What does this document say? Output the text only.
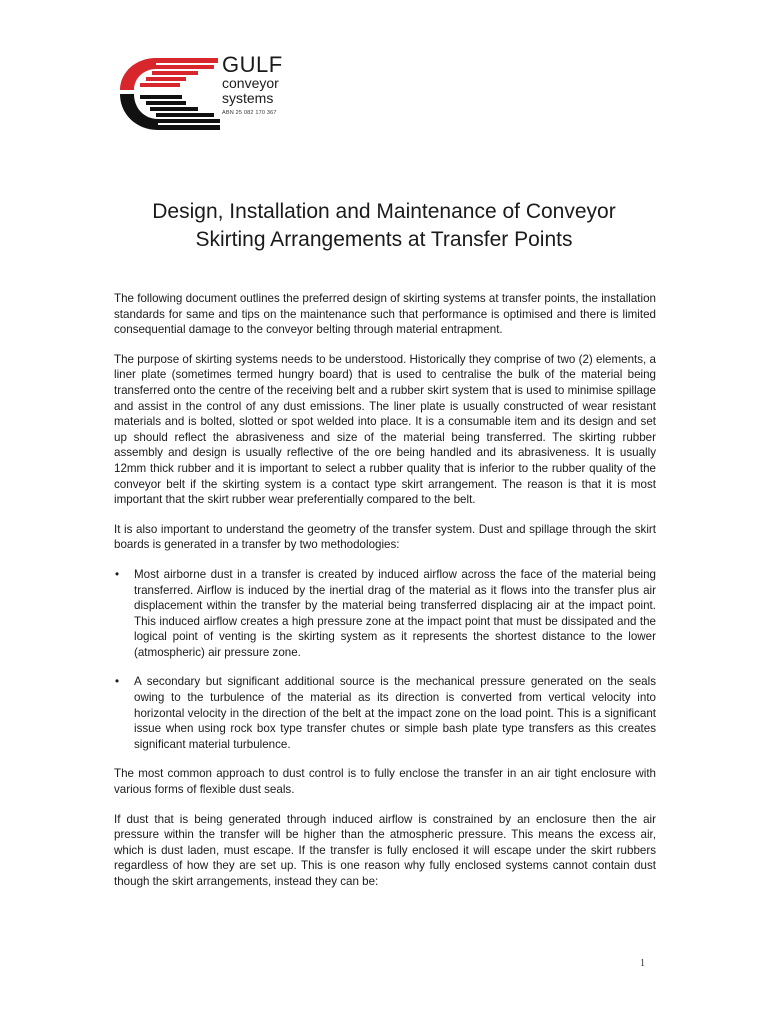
GULF
conveyor
systems
ABN 25 082 170 367
Design, Installation and Maintenance of Conveyor
Skirting Arrangements at Transfer Points

The following document outlines the preferred design of skirting systems at transfer points, the installation standards for same and tips on the maintenance such that performance is optimised and there is limited consequential damage to the conveyor belting through material entrapment.

The purpose of skirting systems needs to be understood. Historically they comprise of two (2) elements, a liner plate (sometimes termed hungry board) that is used to centralise the bulk of the material being transferred onto the centre of the receiving belt and a rubber skirt system that is used to minimise spillage and assist in the control of any dust emissions. The liner plate is usually constructed of wear resistant materials and is bolted, slotted or spot welded into place. It is a consumable item and its design and set up should reflect the abrasiveness and size of the material being transferred. The skirting rubber assembly and design is usually reflective of the ore being handled and its abrasiveness. It is usually 12mm thick rubber and it is important to select a rubber quality that is inferior to the rubber quality of the conveyor belt if the skirting system is a contact type skirt arrangement. The reason is that it is most important that the skirt rubber wear preferentially compared to the belt.

It is also important to understand the geometry of the transfer system. Dust and spillage through the skirt boards is generated in a transfer by two methodologies:

• Most airborne dust in a transfer is created by induced airflow across the face of the material being transferred. Airflow is induced by the inertial drag of the material as it flows into the transfer plus air displacement within the transfer by the material being transferred displacing air at the impact point. This induced airflow creates a high pressure zone at the impact point that must be dissipated and the logical point of venting is the skirting system as it represents the shortest distance to the lower (atmospheric) air pressure zone.
• A secondary but significant additional source is the mechanical pressure generated on the seals owing to the turbulence of the material as its direction is converted from vertical velocity into horizontal velocity in the direction of the belt at the impact zone on the load point. This is a significant issue when using rock box type transfer chutes or simple bash plate type transfers as this creates significant material turbulence.

The most common approach to dust control is to fully enclose the transfer in an air tight enclosure with various forms of flexible dust seals.

If dust that is being generated through induced airflow is constrained by an enclosure then the air pressure within the transfer will be higher than the atmospheric pressure. This means the excess air, which is dust laden, must escape. If the transfer is fully enclosed it will escape under the skirt rubbers regardless of how they are set up. This is one reason why fully enclosed systems cannot contain dust though the skirt arrangements, instead they can be:

1
